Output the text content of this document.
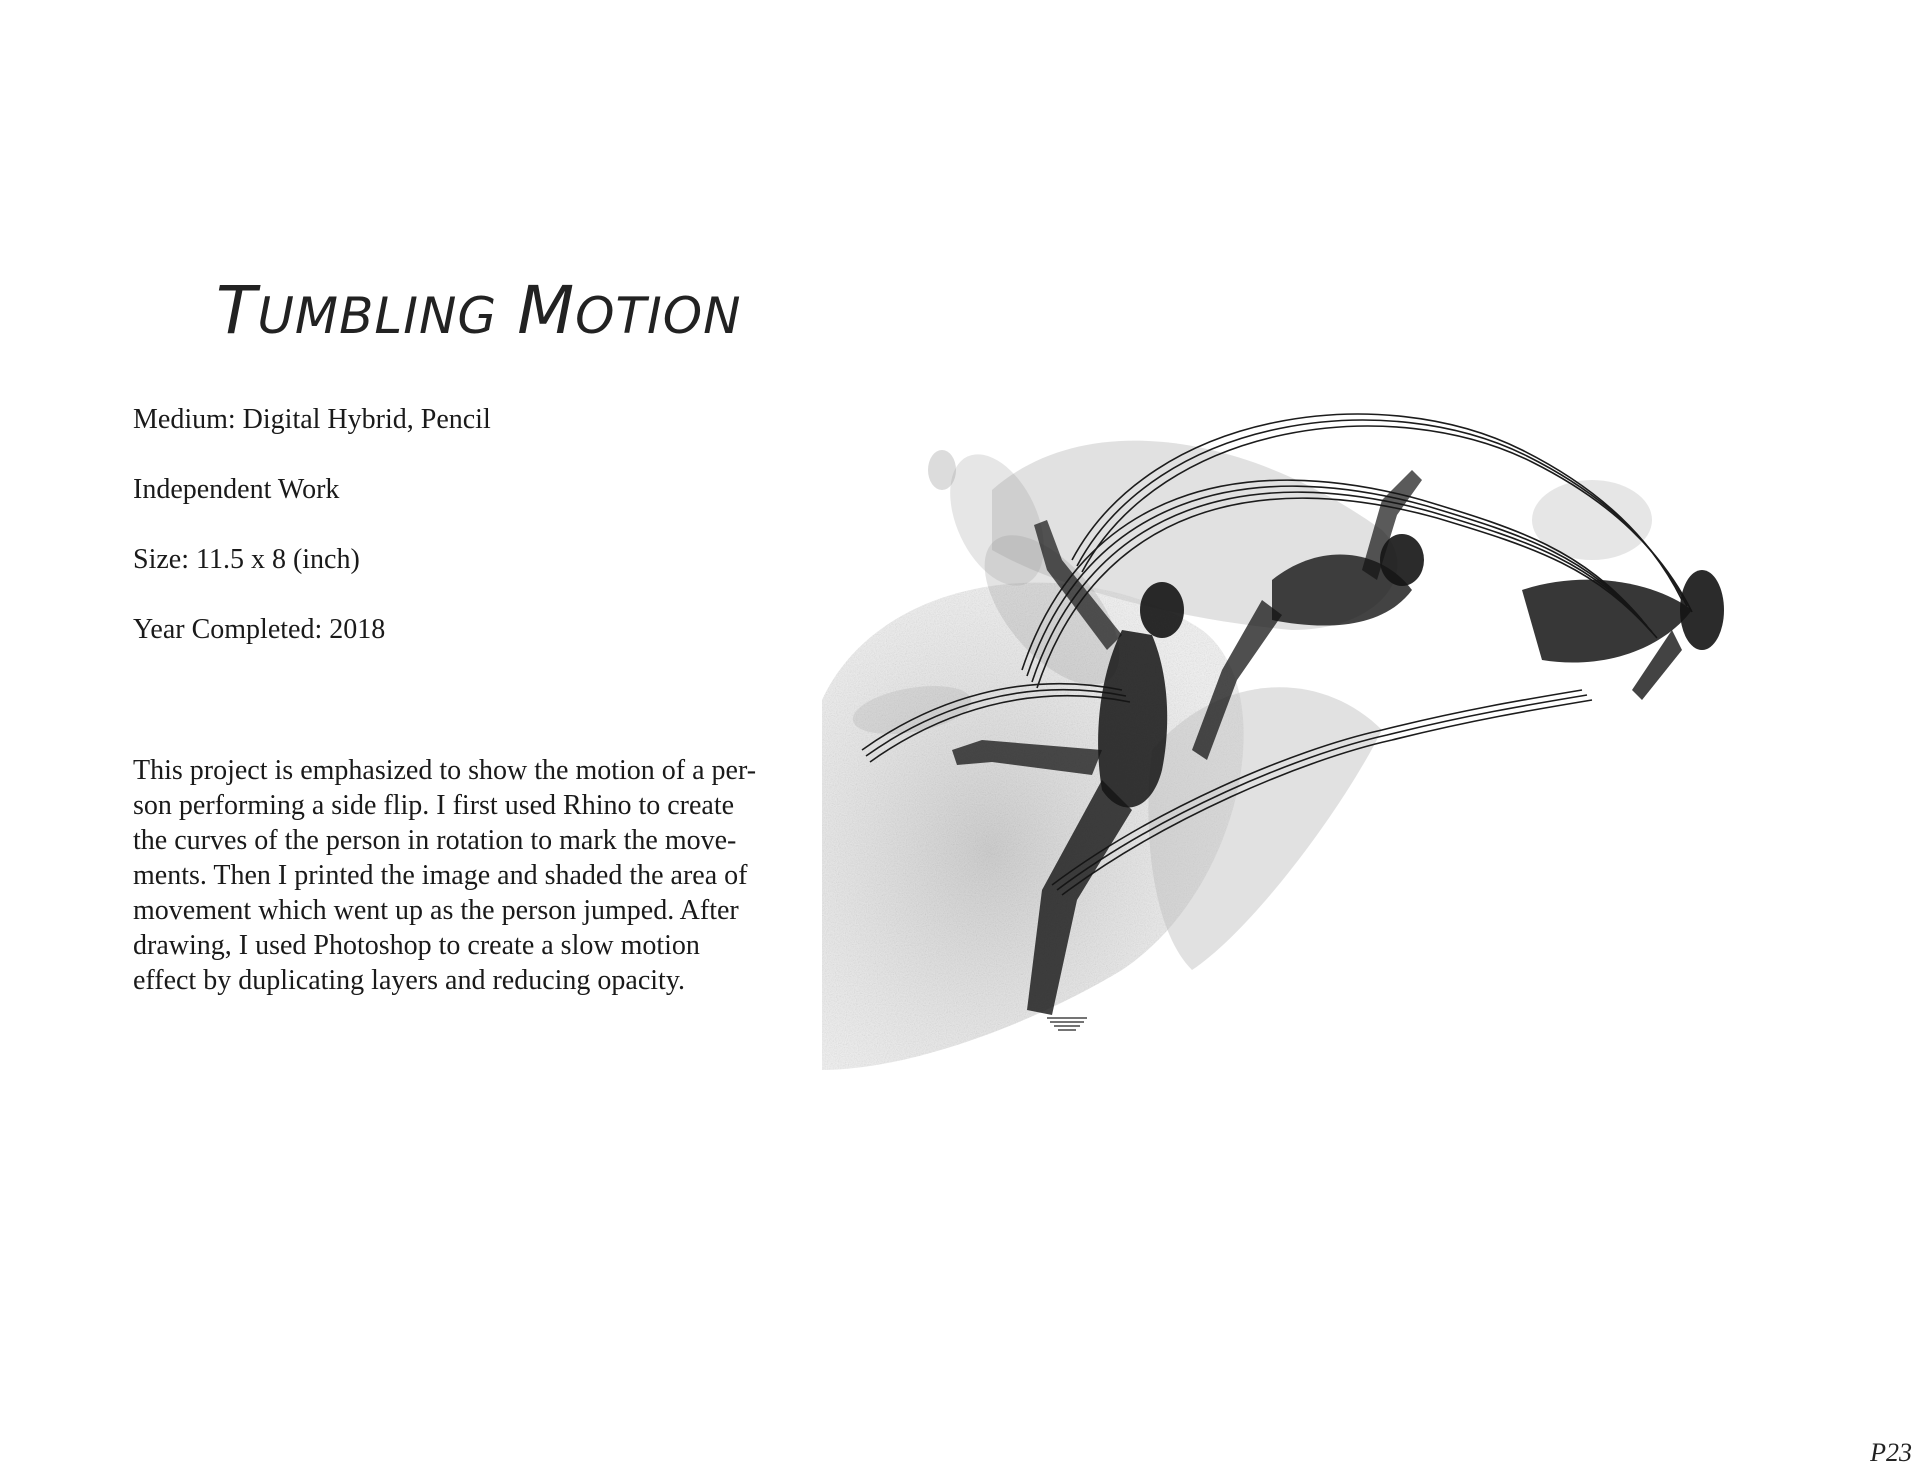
TUMBLING MOTION
Medium: Digital Hybrid, Pencil
Independent Work
Size: 11.5 x 8 (inch)
Year Completed: 2018
This project is emphasized to show the motion of a per-
son performing a side flip. I first used Rhino to create
the curves of the person in rotation to mark the move-
ments. Then I printed the image and shaded the area of
movement which went up as the person jumped. After
drawing, I used Photoshop to create a slow motion
effect by duplicating layers and reducing opacity.
P23
